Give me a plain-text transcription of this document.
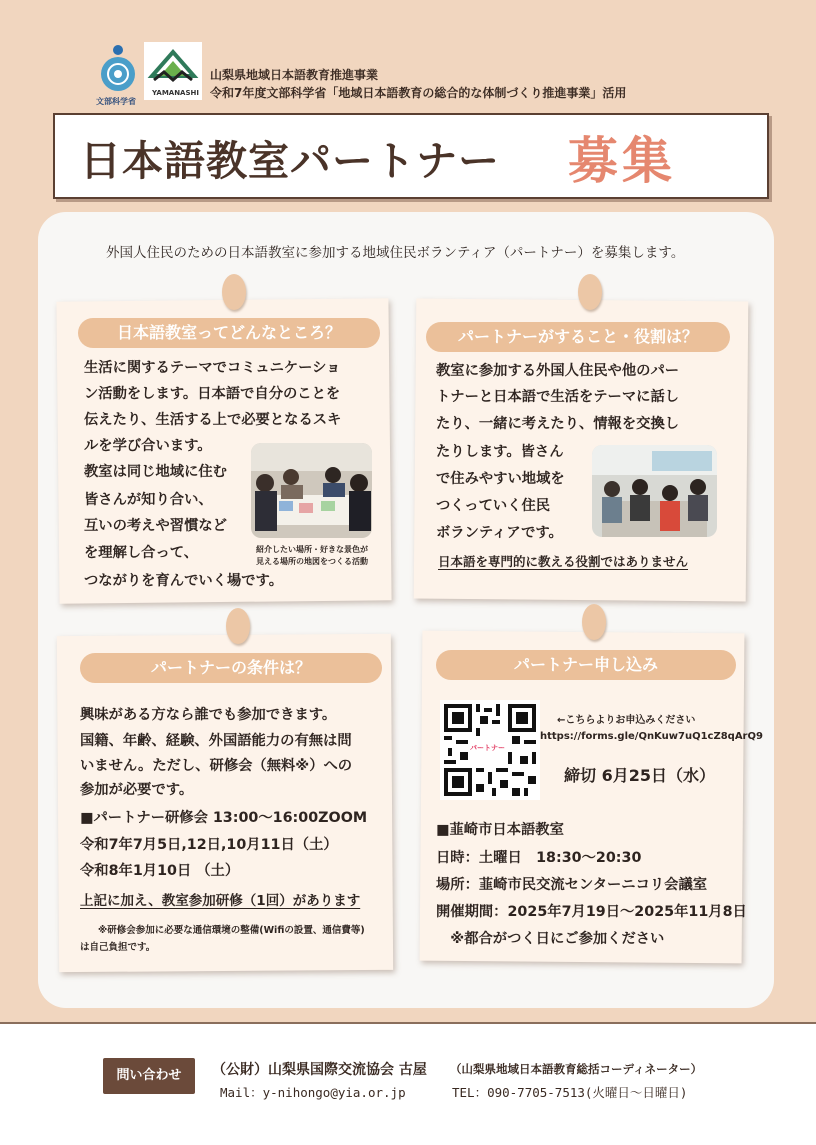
文部科学省
YAMANASHI
山梨県地域日本語教育推進事業
令和7年度文部科学省「地域日本語教育の総合的な体制づくり推進事業」活用
日本語教室パートナー 募集
外国人住民のための日本語教室に参加する地域住民ボランティア（パートナー）を募集します。
日本語教室ってどんなところ？
生活に関するテーマでコミュニケーショ
ン活動をします。日本語で自分のことを
伝えたり、生活する上で必要となるスキ
ルを学び合います。
教室は同じ地域に住む
皆さんが知り合い、
互いの考えや習慣など
を理解し合って、
つながりを育んでいく場です。
紹介したい場所・好きな景色が
見える場所の地図をつくる活動
パートナーがすること・役割は？
教室に参加する外国人住民や他のパー
トナーと日本語で生活をテーマに話し
たり、一緒に考えたり、情報を交換し
たりします。皆さん
で住みやすい地域を
つくっていく住民
ボランティアです。
日本語を専門的に教える役割ではありません
パートナーの条件は？
興味がある方なら誰でも参加できます。
国籍、年齢、経験、外国語能力の有無は問
いません。ただし、研修会（無料※）への
参加が必要です。
■パートナー研修会 13:00～16:00ZOOM
令和7年7月5日,12日,10月11日（土）
令和8年1月10日 （土）
上記に加え、教室参加研修（1回）があります
※研修会参加に必要な通信環境の整備(Wifiの設置、通信費等)
は自己負担です。
パートナー申し込み
パートナー
←こちらよりお申込みください
https://forms.gle/QnKuw7uQ1cZ8qArQ9
締切 6月25日（水）
■韮崎市日本語教室
日時：土曜日　18:30～20:30
場所：韮崎市民交流センターニコリ会議室
開催期間：2025年7月19日～2025年11月8日
　※都合がつく日にご参加ください
問い合わせ	（公財）山梨県国際交流協会 古屋 （山梨県地域日本語教育総括コーディネーター）
Mail：y-nihongo@yia.or.jp	TEL：090-7705-7513(火曜日～日曜日)
